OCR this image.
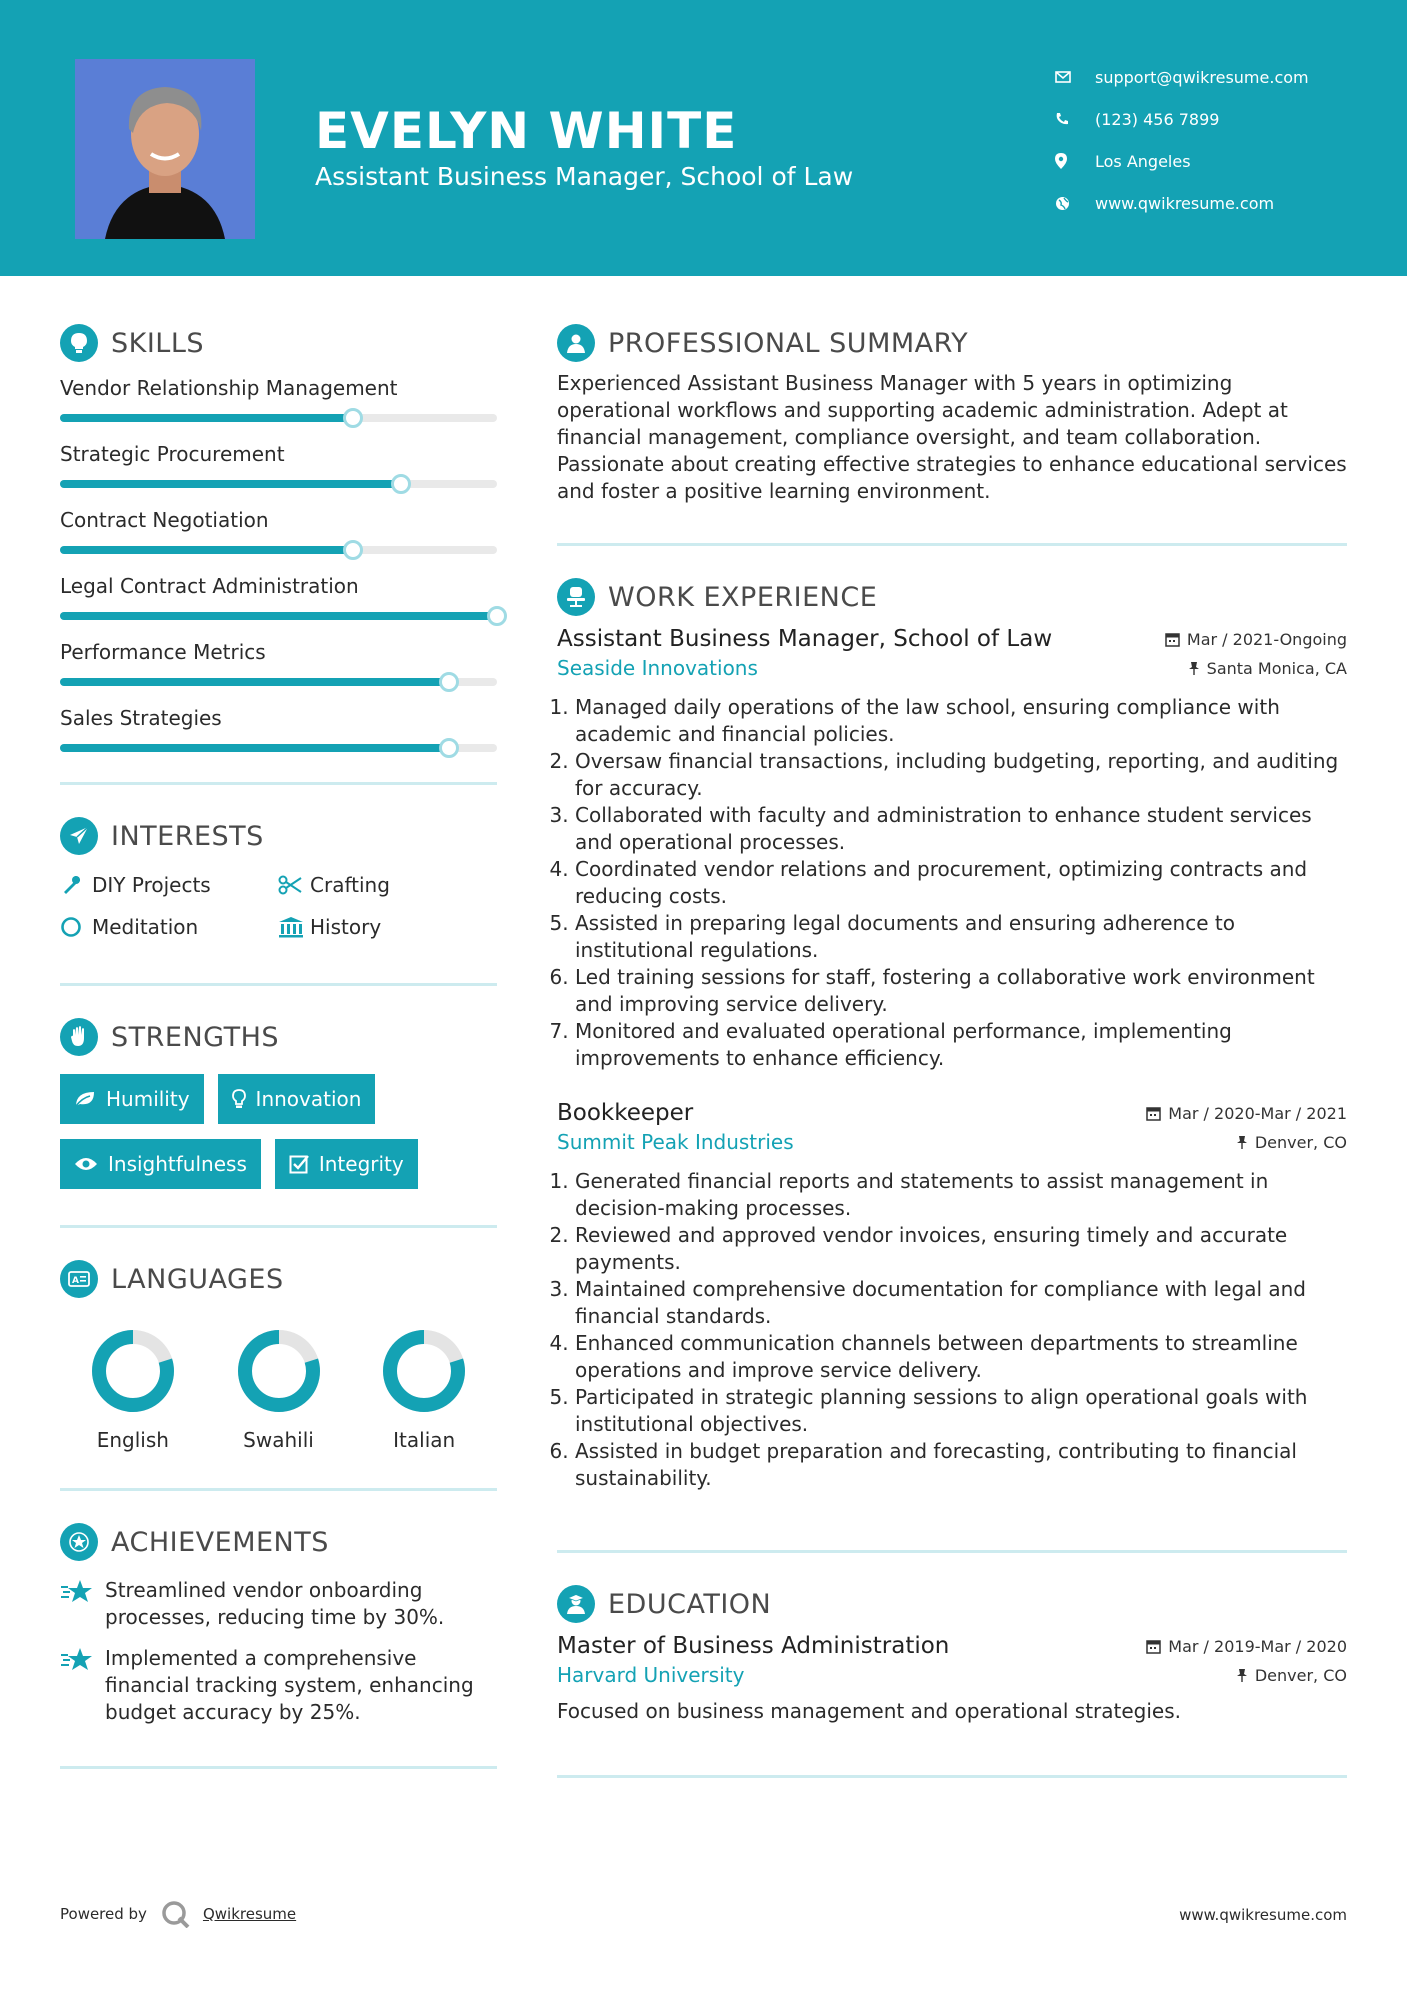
EVELYN WHITE
Assistant Business Manager, School of Law
support@qwikresume.com
(123) 456 7899
Los Angeles
www.qwikresume.com
SKILLS
Vendor Relationship Management
Strategic Procurement
Contract Negotiation
Legal Contract Administration
Performance Metrics
Sales Strategies
INTERESTS
DIY Projects	Crafting
Meditation	History
STRENGTHS
Humility	Innovation
Insightfulness	Integrity
A LANGUAGES
English	Swahili	Italian
ACHIEVEMENTS
Streamlined vendor onboarding processes, reducing time by 30%.
Implemented a comprehensive financial tracking system, enhancing budget accuracy by 25%.
PROFESSIONAL SUMMARY
Experienced Assistant Business Manager with 5 years in optimizing operational workflows and supporting academic administration. Adept at financial management, compliance oversight, and team collaboration. Passionate about creating effective strategies to enhance educational services and foster a positive learning environment.
WORK EXPERIENCE
Assistant Business Manager, School of Law	Mar / 2021-Ongoing
Seaside Innovations	Santa Monica, CA
1. Managed daily operations of the law school, ensuring compliance with academic and financial policies.
2. Oversaw financial transactions, including budgeting, reporting, and auditing for accuracy.
3. Collaborated with faculty and administration to enhance student services and operational processes.
4. Coordinated vendor relations and procurement, optimizing contracts and reducing costs.
5. Assisted in preparing legal documents and ensuring adherence to institutional regulations.
6. Led training sessions for staff, fostering a collaborative work environment and improving service delivery.
7. Monitored and evaluated operational performance, implementing improvements to enhance efficiency.
Bookkeeper	Mar / 2020-Mar / 2021
Summit Peak Industries	Denver, CO
1. Generated financial reports and statements to assist management in decision-making processes.
2. Reviewed and approved vendor invoices, ensuring timely and accurate payments.
3. Maintained comprehensive documentation for compliance with legal and financial standards.
4. Enhanced communication channels between departments to streamline operations and improve service delivery.
5. Participated in strategic planning sessions to align operational goals with institutional objectives.
6. Assisted in budget preparation and forecasting, contributing to financial sustainability.
EDUCATION
Master of Business Administration	Mar / 2019-Mar / 2020
Harvard University	Denver, CO
Focused on business management and operational strategies.
Powered by	Qwikresume	www.qwikresume.com
